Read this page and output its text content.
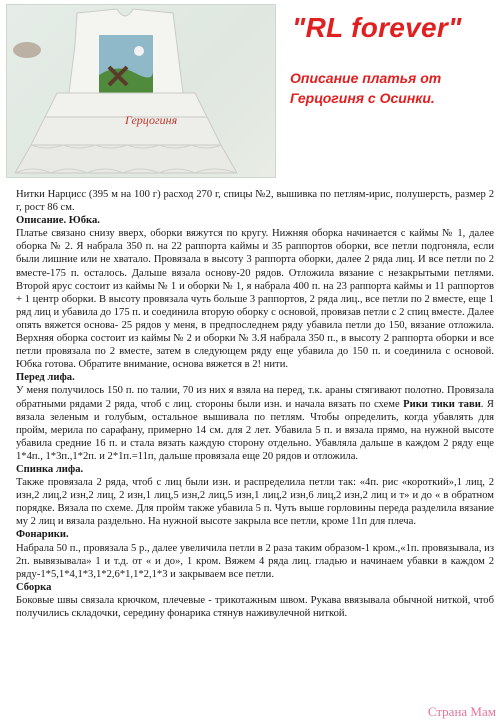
Герцогиня
"RL forever"
Описание платья от Герцогиня с Осинки.

Нитки Нарцисс (395 м на 100 г) расход 270 г, спицы №2, вышивка по петлям-ирис, полушерсть, размер 2 г, рост 86 см.

Описание. Юбка.

Платье связано снизу вверх, оборки вяжутся по кругу. Нижняя оборка начинается с каймы № 1, далее оборка № 2. Я набрала 350 п. на 22 раппорта каймы и 35 раппортов оборки, все петли подгоняла, если были лишние или не хватало. Провязала в высоту 3 раппорта оборки, далее 2 ряда лиц. И все петли по 2 вместе-175 п. осталось. Дальше вязала основу-20 рядов. Отложила вязание с незакрытыми петлями. Второй ярус состоит из каймы № 1 и оборки № 1, я набрала 400 п. на 23 раппорта каймы и 11 раппортов + 1 центр оборки. В высоту провязала чуть больше 3 раппортов, 2 ряда лиц., все петли по 2 вместе, еще 1 ряд лиц и убавила до 175 п. и соединила вторую оборку с основой, провязав петли с 2 спиц вместе. Далее опять вяжется основа- 25 рядов у меня, в предпоследнем ряду убавила петли до 150, вязание отложила. Верхняя оборка состоит из каймы № 2 и оборки № 3.Я набрала 350 п., в высоту 2 раппорта оборки и все петли провязала по 2 вместе, затем в следующем ряду еще убавила до 150 п. и соединила с основой. Юбка готова. Обратите внимание, основа вяжется в 2! нити.

Перед лифа.

У меня получилось 150 п. по талии, 70 из них я взяла на перед, т.к. араны стягивают полотно. Провязала обратными рядами 2 ряда, чтоб с лиц. стороны были изн. и начала вязать по схеме Рики тики тави. Я вязала зеленым и голубым, остальное вышивала по петлям. Чтобы определить, когда убавлять для пройм, мерила по сарафану, примерно 14 см. для 2 лет. Убавила 5 п. и вязала прямо, на нужной высоте убавила средние 16 п. и стала вязать каждую сторону отдельно. Убавляла дальше в каждом 2 ряду еще 1*4п., 1*3п.,1*2п. и 2*1п.=11п, дальше провязала еще 20 рядов и отложила.

Спинка лифа.

Также провязала 2 ряда, чтоб с лиц были изн. и распределила петли так: «4п. рис «короткий»,1 лиц, 2 изн,2 лиц,2 изн,2 лиц, 2 изн,1 лиц,5 изн,2 лиц,5 изн,1 лиц,2 изн,6 лиц,2 изн,2 лиц и т» и до « в обратном порядке. Вязала по схеме. Для пройм также убавила 5 п. Чуть выше горловины переда разделила вязание му 2 лиц и вязала раздельно. На нужной высоте закрыла все петли, кроме 11п для плеча.

Фонарики.

Набрала 50 п., провязала 5 р., далее увеличила петли в 2 раза таким образом-1 кром.,«1п. провязывала, из 2п. вывязывала» 1 и т.д. от « и до», 1 кром. Вяжем 4 ряда лиц. гладью и начинаем убавки в каждом 2 ряду-1*5,1*4,1*3,1*2,6*1,1*2,1*3 и закрываем все петли.

Сборка

Боковые швы связала крючком, плечевые - трикотажным швом. Рукава ввязывала обычной ниткой, чтоб получились складочки, середину фонарика стянув наживулечной ниткой.

Страна Мам
